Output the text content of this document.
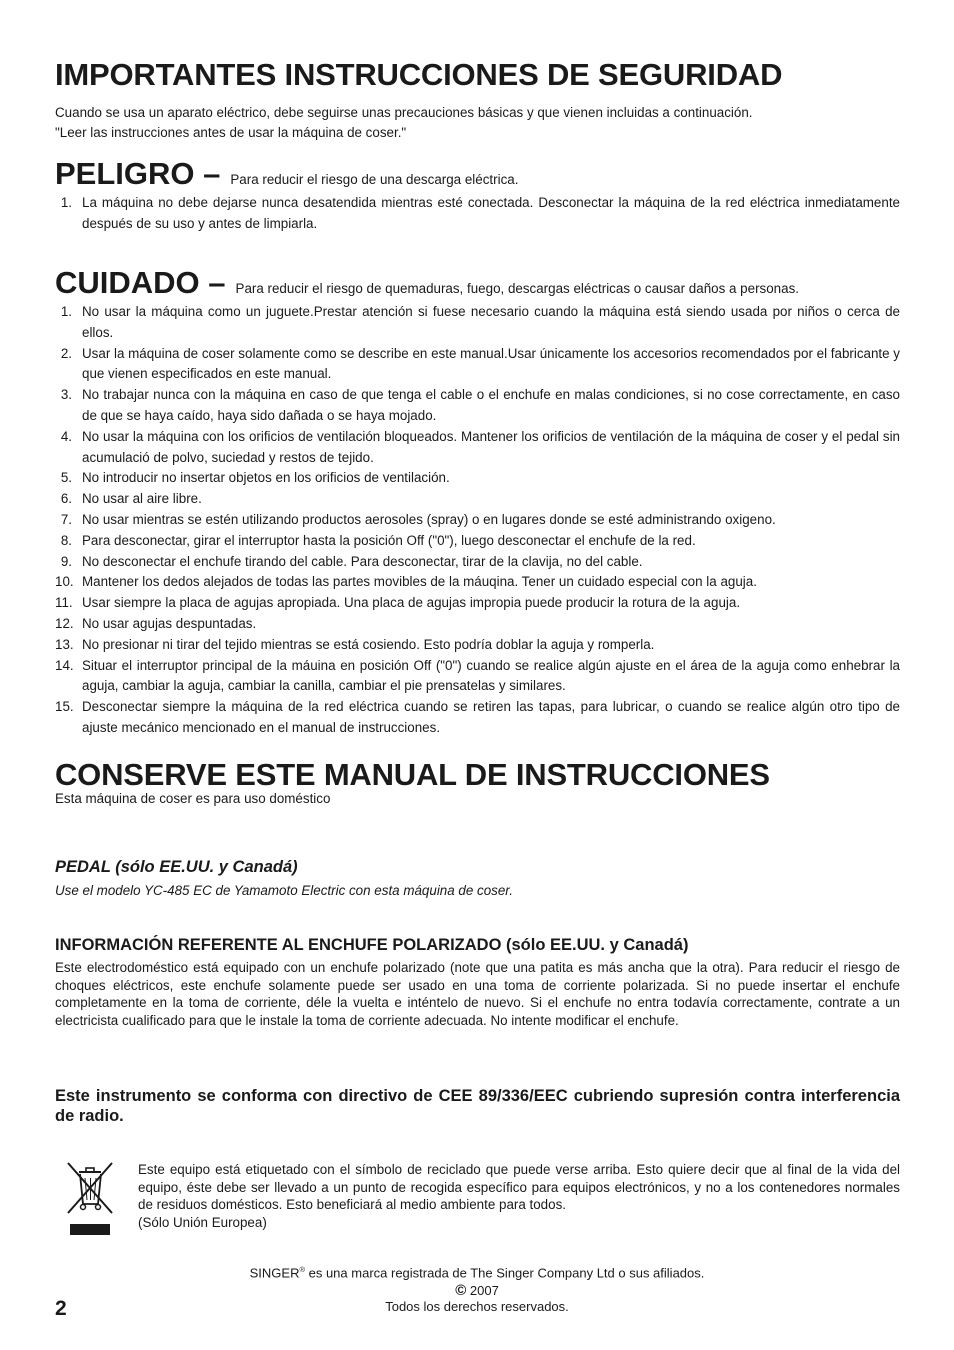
IMPORTANTES INSTRUCCIONES DE SEGURIDAD
Cuando se usa un aparato eléctrico, debe seguirse unas precauciones básicas y que vienen incluidas a continuación.
"Leer las instrucciones antes de usar la máquina de coser."
PELIGRO – Para reducir el riesgo de una descarga eléctrica.
1. La máquina no debe dejarse nunca desatendida mientras esté conectada. Desconectar la máquina de la red eléctrica inmediatamente después de su uso y antes de limpiarla.
CUIDADO – Para reducir el riesgo de quemaduras, fuego, descargas eléctricas o causar daños a personas.
1. No usar la máquina como un juguete.Prestar atención si fuese necesario cuando la máquina está siendo usada por niños o cerca de ellos.
2. Usar la máquina de coser solamente como se describe en este manual.Usar únicamente los accesorios recomendados por el fabricante y que vienen especificados en este manual.
3. No trabajar nunca con la máquina en caso de que tenga el cable o el enchufe en malas condiciones, si no cose correctamente, en caso de que se haya caído, haya sido dañada o se haya mojado.
4. No usar la máquina con los orificios de ventilación bloqueados. Mantener los orificios de ventilación de la máquina de coser y el pedal sin acumulació de polvo, suciedad y restos de tejido.
5. No introducir no insertar objetos en los orificios de ventilación.
6. No usar al aire libre.
7. No usar mientras se estén utilizando productos aerosoles (spray) o en lugares donde se esté administrando oxigeno.
8. Para desconectar, girar el interruptor hasta la posición Off ("0"), luego desconectar el enchufe de la red.
9. No desconectar el enchufe tirando del cable. Para desconectar, tirar de la clavija, no del cable.
10. Mantener los dedos alejados de todas las partes movibles de la máuqina. Tener un cuidado especial con la aguja.
11. Usar siempre la placa de agujas apropiada. Una placa de agujas impropia puede producir la rotura de la aguja.
12. No usar agujas despuntadas.
13. No presionar ni tirar del tejido mientras se está cosiendo. Esto podría doblar la aguja y romperla.
14. Situar el interruptor principal de la máuina en posición Off ("0") cuando se realice algún ajuste en el área de la aguja como enhebrar la aguja, cambiar la aguja, cambiar la canilla, cambiar el pie prensatelas y similares.
15. Desconectar siempre la máquina de la red eléctrica cuando se retiren las tapas, para lubricar, o cuando se realice algún otro tipo de ajuste mecánico mencionado en el manual de instrucciones.
CONSERVE ESTE MANUAL DE INSTRUCCIONES
Esta máquina de coser es para uso doméstico
PEDAL (sólo EE.UU. y Canadá)
Use el modelo YC-485 EC de Yamamoto Electric con esta máquina de coser.
INFORMACIÓN REFERENTE AL ENCHUFE POLARIZADO (sólo EE.UU. y Canadá)

Este electrodoméstico está equipado con un enchufe polarizado (note que una patita es más ancha que la otra). Para reducir el riesgo de choques eléctricos, este enchufe solamente puede ser usado en una toma de corriente polarizada. Si no puede insertar el enchufe completamente en la toma de corriente, déle la vuelta e inténtelo de nuevo. Si el enchufe no entra todavía correctamente, contrate a un electricista cualificado para que le instale la toma de corriente adecuada. No intente modificar el enchufe.

Este instrumento se conforma con directivo de CEE 89/336/EEC cubriendo supresión contra interferencia de radio.

Este equipo está etiquetado con el símbolo de reciclado que puede verse arriba. Esto quiere decir que al final de la vida del equipo, éste debe ser llevado a un punto de recogida específico para equipos electrónicos, y no a los contenedores normales de residuos domésticos. Esto beneficiará al medio ambiente para todos.
(Sólo Unión Europea)

SINGER® es una marca registrada de The Singer Company Ltd o sus afiliados.
© 2007
Todos los derechos reservados.
2
